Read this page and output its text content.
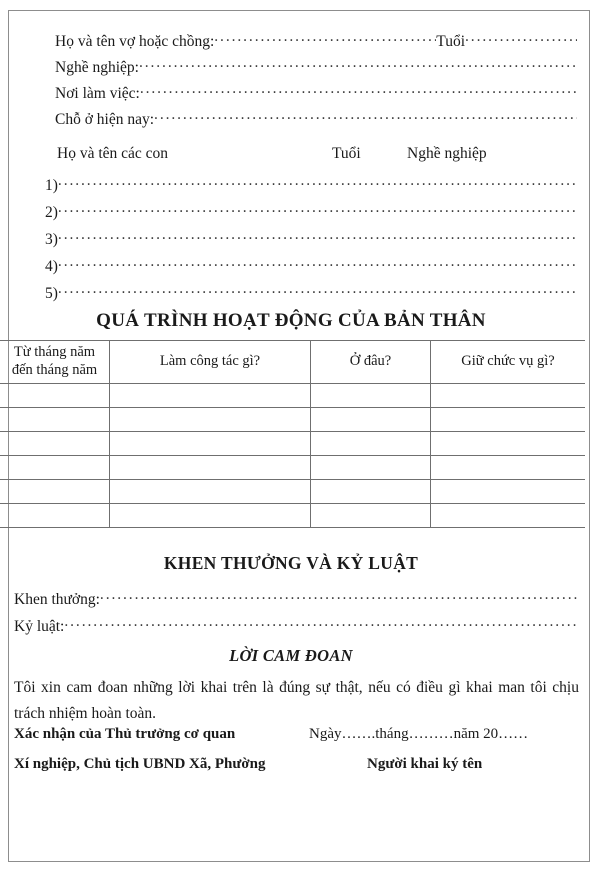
Họ và tên vợ hoặc chồng: .....	Tuổi
.....
Nghề nghiệp:
.....
Nơi làm việc:
.....
Chỗ ở hiện nay:
.....
Họ và tên các con	Tuổi	Nghề nghiệp
1)
.....
2)
.....
3)
.....
4)
.....
5)
.....
QUÁ TRÌNH HOẠT ĐỘNG CỦA BẢN THÂN
Từ tháng năm
đến tháng năm	Làm công tác gì?	Ở đâu?	Giữ chức vụ gì?

KHEN THƯỞNG VÀ KỶ LUẬT
Khen thưởng:
.....
Kỷ luật:
.....
LỜI CAM ĐOAN
Tôi xin cam đoan những lời khai trên là đúng sự thật, nếu có điều gì khai man tôi chịu trách nhiệm hoàn toàn.
Xác nhận của Thủ trưởng cơ quan	Ngày…….tháng………năm 20……
Xí nghiệp, Chủ tịch UBND Xã, Phường	Người khai ký tên
